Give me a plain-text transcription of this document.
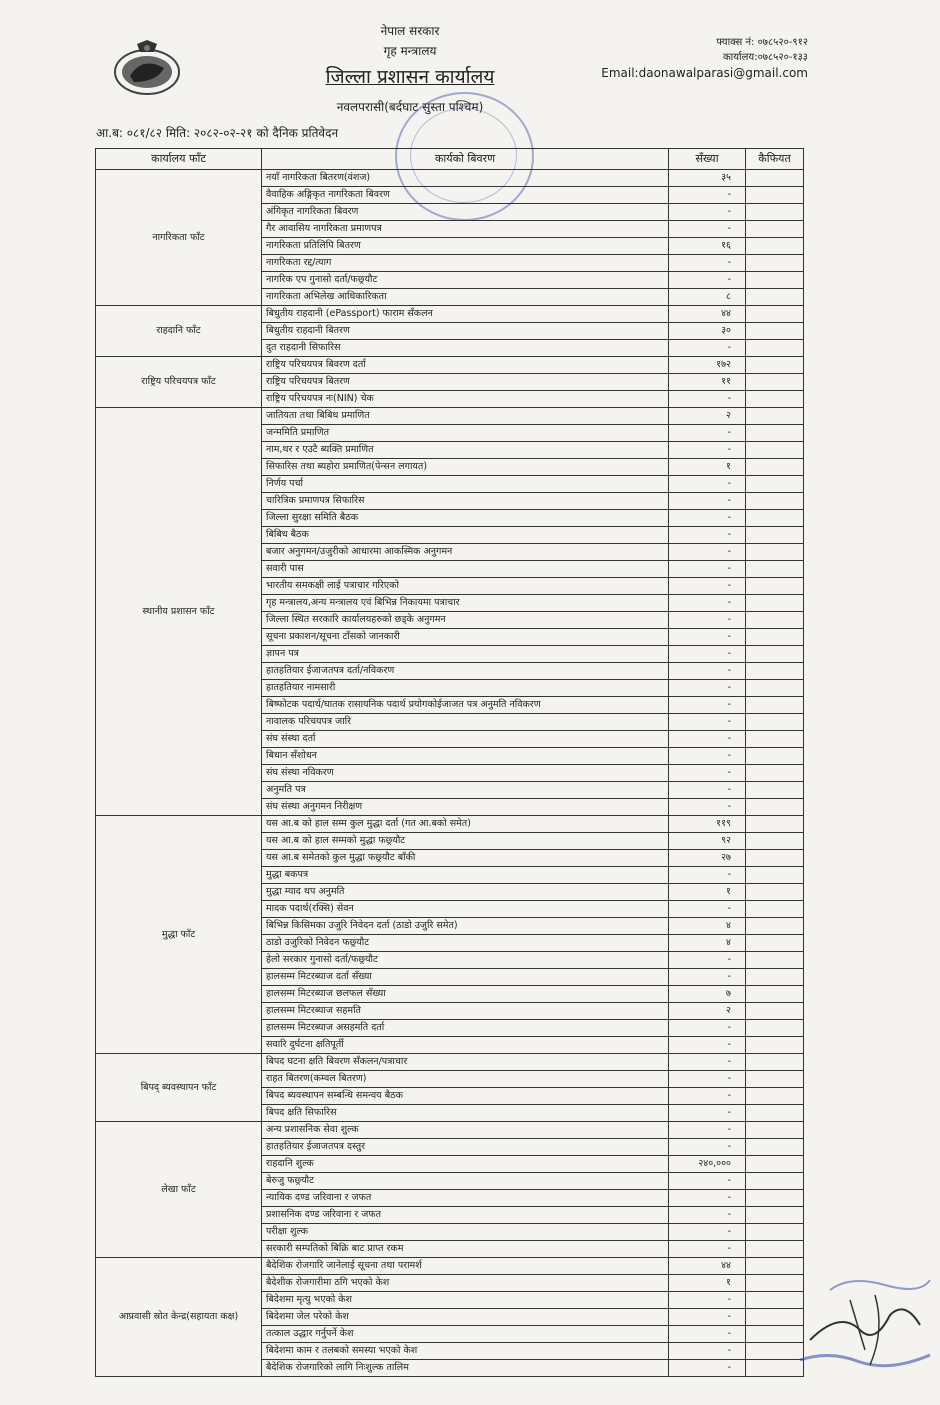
नेपाल सरकार
गृह मन्त्रालय
जिल्ला प्रशासन कार्यालय
नवलपरासी(बर्दघाट सुस्ता पश्चिम)
फ्याक्स नं: ०७८५२०-९१२
कार्यालय:०७८५२०-१३३
Email:daonawalparasi@gmail.com
आ.ब: ०८१/८२ मिति: २०८२-०२-२१ को दैनिक प्रतिवेदन
कार्यालय फाँट	कार्यको बिवरण	सँख्या	कैफियत
नागरिकता फाँट	नयाँ नागरिकता बितरण(वंशज)	३५	
	वैवाहिक अङ्गिकृत नागरिकता बिवरण	-	
	अंगिकृत नागरिकता बिवरण	-	
	गैर आवासिय नागरिकता प्रमाणपत्र	-	
	नागरिकता प्रतिलिपि बितरण	१६	
	नागरिकता रद्द/त्याग	-	
	नागरिक एप गुनासो दर्ता/फछ्र्यौट	-	
	नागरिकता अभिलेख आधिकारिकता	८	
राहदानि फाँट	बिधुतीय राहदानी (ePassport) फाराम सँकलन	४४	
	बिधुतीय राहदानी बितरण	३०	
	दुत राहदानी सिफारिस	-	
राष्ट्रिय परिचयपत्र फाँट	राष्ट्रिय परिचयपत्र बिवरण दर्ता	१७२	
	राष्ट्रिय परिचयपत्र बितरण	११	
	राष्ट्रिय परिचयपत्र नः(NIN) चेक	-	
स्थानीय प्रशासन फाँट	जातियता तथा बिबिध प्रमाणित	२	
	जन्ममिति प्रमाणित	-	
	नाम,थर र एउटै ब्यक्ति प्रमाणित	-	
	सिफारिस तथा ब्यहोरा प्रमाणित(पेन्सन लगायत)	१	
	निर्णय पर्चा	-	
	चारित्रिक प्रमाणपत्र सिफारिस	-	
	जिल्ला सुरक्षा समिति बैठक	-	
	बिबिध बैठक	-	
	बजार अनुगमन/उजुरीको आधारमा आकस्मिक अनुगमन	-	
	सवारी पास	-	
	भारतीय समकक्षी लाई पत्राचार गरिएको	-	
	गृह मन्त्रालय,अन्य मन्त्रालय एवं बिभिन्न निकायमा पत्राचार	-	
	जिल्ला स्थित सरकारि कार्यालयहरुको छड्के अनुगमन	-	
	सूचना प्रकाशन/सूचना टाँसको जानकारी	-	
	ज्ञापन पत्र	-	
	हातहतियार ईजाजतपत्र दर्ता/नविकरण	-	
	हातहतियार नामसारी	-	
	बिष्फोटक पदार्थ/घातक रासायनिक पदार्थ प्रयोगकोईजाजत पत्र अनुमति नविकरण	-	
	नावालक परिचयपत्र जारि	-	
	संघ संस्था दर्ता	-	
	बिधान सँशोधन	-	
	संघ संस्था नविकरण	-	
	अनुमति पत्र	-	
	संघ संस्था अनुगमन निरीक्षण	-	
मुद्धा फाँट	यस आ.ब को हाल सम्म कुल मुद्धा दर्ता (गत आ.बको समेत)	११९	
	यस आ.ब को हाल सम्मको मुद्धा फछ्र्यौट	९२	
	यस आ.ब समेतको कुल मुद्धा फछ्र्यौट बाँकी	२७	
	मुद्धा बकपत्र	-	
	मुद्धा म्याद थप अनुमति	१	
	मादक पदार्थ(रक्सि) सेवन	-	
	बिभिन्न किसिमका उजुरि निवेदन दर्ता (ठाडो उजुरि समेत)	४	
	ठाडो उजुरिको निवेदन फछ्र्यौट	४	
	हेलो सरकार गुनासो दर्ता/फछ्र्यौट	-	
	हालसम्म मिटरब्याज दर्ता सँख्या	-	
	हालसम्म मिटरब्याज छलफल सँख्या	७	
	हालसम्म मिटरब्याज सहमति	२	
	हालसम्म मिटरब्याज असहमति दर्ता	-	
	सवारि दुर्घटना क्षतिपूर्ती	-	
बिपद् ब्यवस्थापन फाँट	बिपद घटना क्षति बिवरण सँकलन/पत्राचार	-	
	राहत बितरण(कम्वल बितरण)	-	
	बिपद ब्यवस्थापन सम्बन्धि समन्वय बैठक	-	
	बिपद क्षति सिफारिस	-	
लेखा फाँट	अन्य प्रशासनिक सेवा शुल्क	-	
	हातहतियार ईजाजतपत्र दस्तुर	-	
	राहदानि शुल्क	२४०,०००	
	बेरुजु फछ्र्यौट	-	
	न्यायिक दण्ड जरिवाना र जफत	-	
	प्रशासनिक दण्ड जरिवाना र जफत	-	
	परीक्षा शुल्क	-	
	सरकारी सम्पतिको बिक्रि बाट प्राप्त रकम	-	
आप्रवासी स्रोत केन्द्र(सहायता कक्ष)	बैदेशिक रोजगारि जानेलाई सूचना तथा परामर्श	४४	
	बैदेशीक रोजगारीमा ठगि भएको केश	१	
	बिदेशमा मृत्यु भएको केश	-	
	बिदेशमा जेल परेको केश	-	
	तत्काल उद्धार गर्नुपर्ने केश	-	
	बिदेशमा काम र तलबको समस्या भएको केश	-	
	बैदेशिक रोजगारिको लागि निःशुल्क तालिम	-	
